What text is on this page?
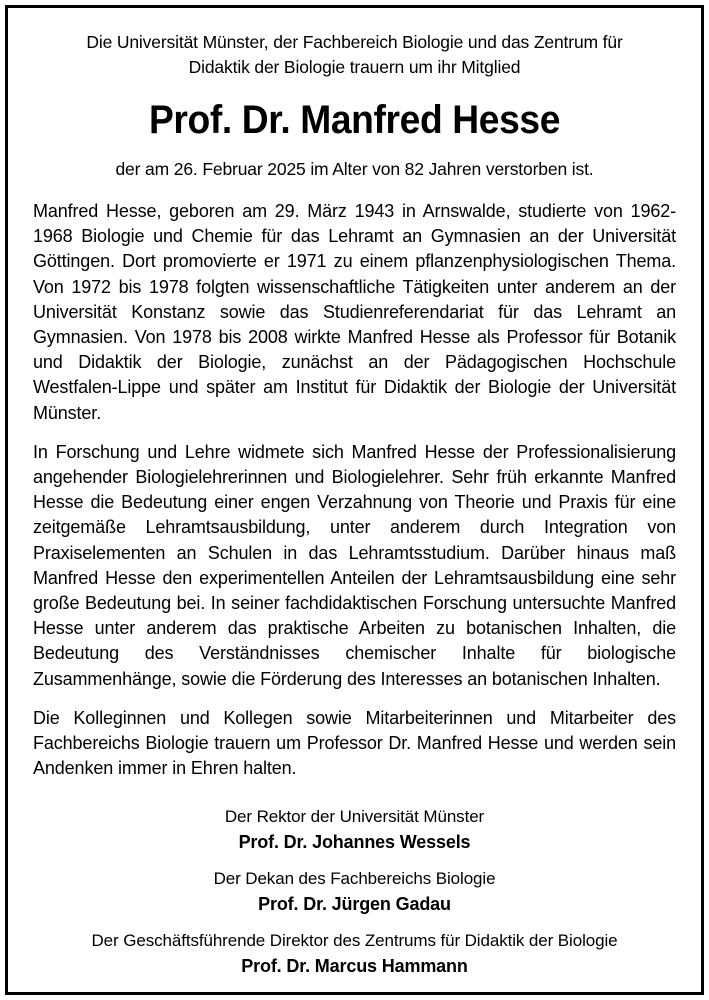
Die Universität Münster, der Fachbereich Biologie und das Zentrum für
Didaktik der Biologie trauern um ihr Mitglied
Prof. Dr. Manfred Hesse
der am 26. Februar 2025 im Alter von 82 Jahren verstorben ist.

Manfred Hesse, geboren am 29. März 1943 in Arnswalde, studierte von 1962-1968 Biologie und Chemie für das Lehramt an Gymnasien an der Universität Göttingen. Dort promovierte er 1971 zu einem pflanzenphysiologischen Thema. Von 1972 bis 1978 folgten wissenschaftliche Tätigkeiten unter anderem an der Universität Konstanz sowie das Studienreferendariat für das Lehramt an Gymnasien. Von 1978 bis 2008 wirkte Manfred Hesse als Professor für Botanik und Didaktik der Biologie, zunächst an der Pädagogischen Hochschule Westfalen-Lippe und später am Institut für Didaktik der Biologie der Universität Münster.

In Forschung und Lehre widmete sich Manfred Hesse der Professionalisierung angehender Biologielehrerinnen und Biologielehrer. Sehr früh erkannte Manfred Hesse die Bedeutung einer engen Verzahnung von Theorie und Praxis für eine zeitgemäße Lehramtsausbildung, unter anderem durch Integration von Praxiselementen an Schulen in das Lehramtsstudium. Darüber hinaus maß Manfred Hesse den experimentellen Anteilen der Lehramtsausbildung eine sehr große Bedeutung bei. In seiner fachdidaktischen Forschung untersuchte Manfred Hesse unter anderem das praktische Arbeiten zu botanischen Inhalten, die Bedeutung des Verständnisses chemischer Inhalte für biologische Zusammenhänge, sowie die Förderung des Interesses an botanischen Inhalten.

Die Kolleginnen und Kollegen sowie Mitarbeiterinnen und Mitarbeiter des Fachbereichs Biologie trauern um Professor Dr. Manfred Hesse und werden sein Andenken immer in Ehren halten.

Der Rektor der Universität Münster
Prof. Dr. Johannes Wessels
Der Dekan des Fachbereichs Biologie
Prof. Dr. Jürgen Gadau
Der Geschäftsführende Direktor des Zentrums für Didaktik der Biologie
Prof. Dr. Marcus Hammann
